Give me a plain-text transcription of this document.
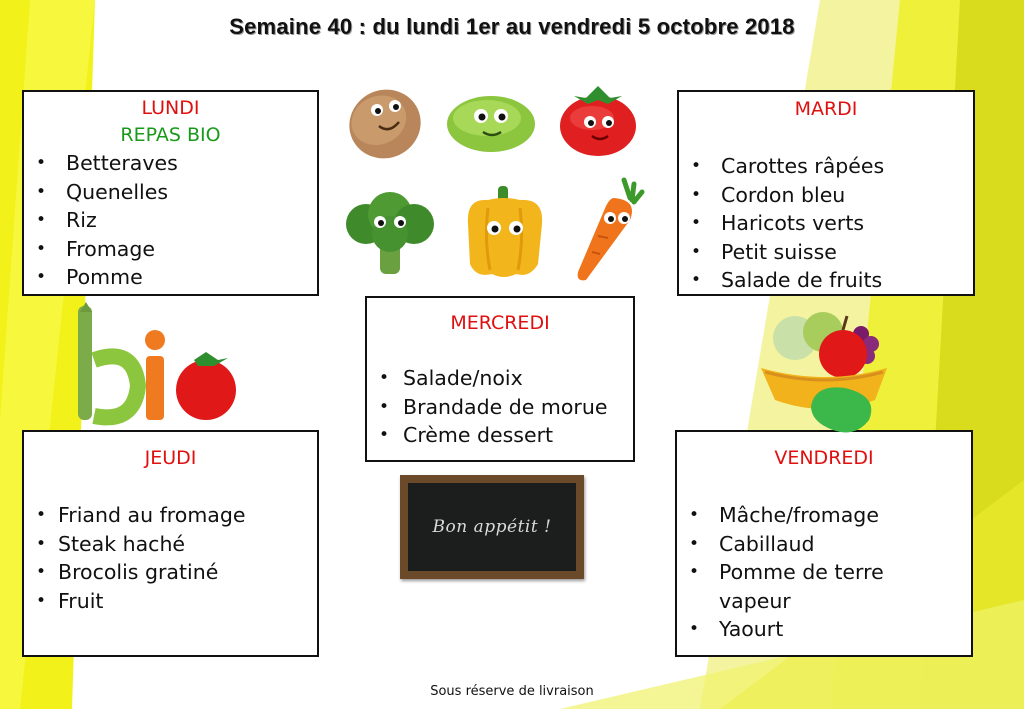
Semaine 40 : du lundi 1er au vendredi 5 octobre 2018
LUNDI
REPAS BIO
• Betteraves
• Quenelles
• Riz
• Fromage
• Pomme
MARDI
• Carottes râpées
• Cordon bleu
• Haricots verts
• Petit suisse
• Salade de fruits
MERCREDI
• Salade/noix
• Brandade de morue
• Crème dessert
JEUDI
• Friand au fromage
• Steak haché
• Brocolis gratiné
• Fruit
VENDREDI
• Mâche/fromage
• Cabillaud
• Pomme de terre vapeur
• Yaourt
Bon appétit !
Sous réserve de livraison
